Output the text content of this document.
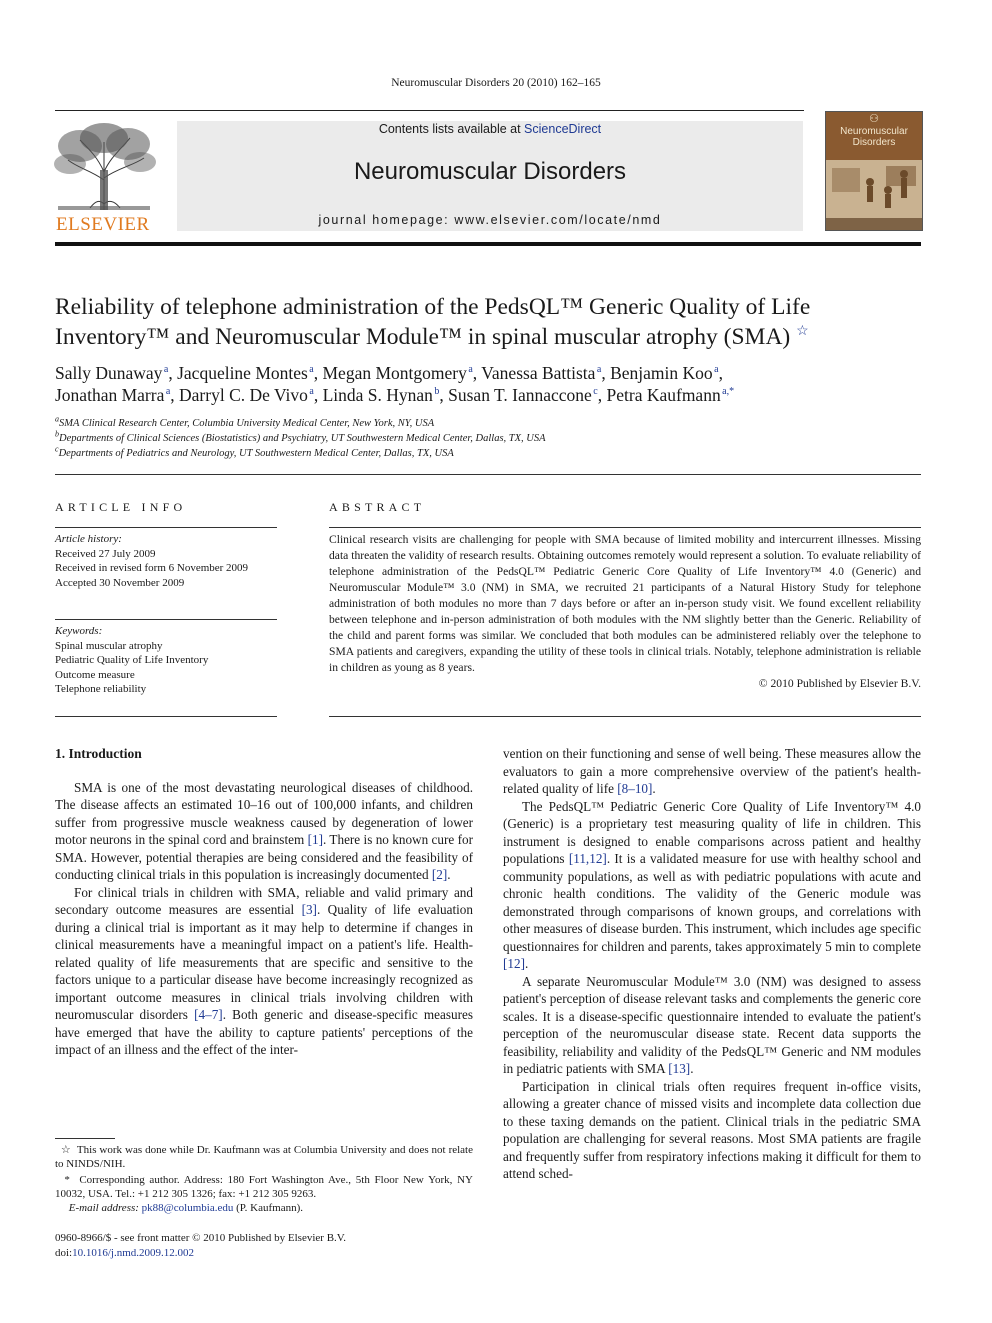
Neuromuscular Disorders 20 (2010) 162–165
ELSEVIER
Contents lists available at ScienceDirect
Neuromuscular Disorders
journal homepage: www.elsevier.com/locate/nmd
⚇
Neuromuscular
Disorders
Reliability of telephone administration of the PedsQL™ Generic Quality of Life
Inventory™ and Neuromuscular Module™ in spinal muscular atrophy (SMA) ☆
Sally Dunaway $^a$, Jacqueline Montes $^a$, Megan Montgomery $^a$, Vanessa Battista $^a$, Benjamin Koo $^a$,
Jonathan Marra $^a$, Darryl C. De Vivo $^a$, Linda S. Hynan $^b$, Susan T. Iannaccone $^c$, Petra Kaufmann $^{a,*}$
$^a$SMA Clinical Research Center, Columbia University Medical Center, New York, NY, USA
$^b$Departments of Clinical Sciences (Biostatistics) and Psychiatry, UT Southwestern Medical Center, Dallas, TX, USA
$^c$Departments of Pediatrics and Neurology, UT Southwestern Medical Center, Dallas, TX, USA
ARTICLE INFO
Article history:
Received 27 July 2009
Received in revised form 6 November 2009
Accepted 30 November 2009
Keywords:
Spinal muscular atrophy
Pediatric Quality of Life Inventory
Outcome measure
Telephone reliability
ABSTRACT
Clinical research visits are challenging for people with SMA because of limited mobility and intercurrent illnesses. Missing data threaten the validity of research results. Obtaining outcomes remotely would represent a solution. To evaluate reliability of telephone administration of the PedsQL™ Pediatric Generic Core Quality of Life Inventory™ 4.0 (Generic) and Neuromuscular Module™ 3.0 (NM) in SMA, we recruited 21 participants of a Natural History Study for telephone administration of both modules no more than 7 days before or after an in-person study visit. We found excellent reliability between telephone and in-person administration of both modules with the NM slightly better than the Generic. Reliability of the child and parent forms was similar. We concluded that both modules can be administered reliably over the telephone to SMA patients and caregivers, expanding the utility of these tools in clinical trials. Notably, telephone administration is reliable in children as young as 8 years.
© 2010 Published by Elsevier B.V.
1. Introduction

SMA is one of the most devastating neurological diseases of childhood. The disease affects an estimated 10–16 out of 100,000 infants, and children suffer from progressive muscle weakness caused by degeneration of lower motor neurons in the spinal cord and brainstem [1]. There is no known cure for SMA. However, potential therapies are being considered and the feasibility of conducting clinical trials in this population is increasingly documented [2].

For clinical trials in children with SMA, reliable and valid primary and secondary outcome measures are essential [3]. Quality of life evaluation during a clinical trial is important as it may help to determine if changes in clinical measurements have a meaningful impact on a patient's life. Health-related quality of life measurements that are specific and sensitive to the factors unique to a particular disease have become increasingly recognized as important outcome measures in clinical trials involving children with neuromuscular disorders [4–7]. Both generic and disease-specific measures have emerged that have the ability to capture patients' perceptions of the impact of an illness and the effect of the inter-

vention on their functioning and sense of well being. These measures allow the evaluators to gain a more comprehensive overview of the patient's health-related quality of life [8–10].

The PedsQL™ Pediatric Generic Core Quality of Life Inventory™ 4.0 (Generic) is a proprietary test measuring quality of life in children. This instrument is designed to enable comparisons across patient and healthy populations [11,12]. It is a validated measure for use with healthy school and community populations, as well as with pediatric populations with acute and chronic health conditions. The validity of the Generic module was demonstrated through comparisons of known groups, and correlations with other measures of disease burden. This instrument, which includes age specific questionnaires for children and parents, takes approximately 5 min to complete [12].

A separate Neuromuscular Module™ 3.0 (NM) was designed to assess patient's perception of disease relevant tasks and complements the generic core scales. It is a disease-specific questionnaire intended to evaluate the patient's perception of the neuromuscular disease state. Recent data supports the feasibility, reliability and validity of the PedsQL™ Generic and NM modules in pediatric patients with SMA [13].

Participation in clinical trials often requires frequent in-office visits, allowing a greater chance of missed visits and incomplete data collection due to these taxing demands on the patient. Clinical trials in the pediatric SMA population are challenging for several reasons. Most SMA patients are fragile and frequently suffer from respiratory infections making it difficult for them to attend sched-

☆ This work was done while Dr. Kaufmann was at Columbia University and does not relate to NINDS/NIH.

* Corresponding author. Address: 180 Fort Washington Ave., 5th Floor New York, NY 10032, USA. Tel.: +1 212 305 1326; fax: +1 212 305 9263.

E-mail address: pk88@columbia.edu (P. Kaufmann).

0960-8966/$ - see front matter © 2010 Published by Elsevier B.V.
doi:10.1016/j.nmd.2009.12.002
